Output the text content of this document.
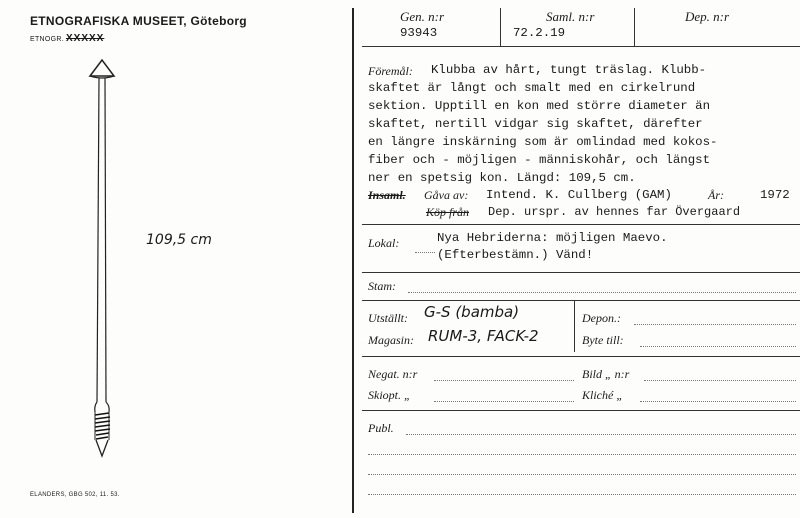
ETNOGRAFISKA MUSEET, Göteborg
ETNOGR. XXXXX
109,5 cm
ELANDERS, GBG 502, 11. 53.
Gen. n:r
93943
Saml. n:r
72.2.19
Dep. n:r
Föremål: Klubba av hårt, tungt träslag. Klubb-
skaftet är långt och smalt med en cirkelrund
sektion. Upptill en kon med större diameter än
skaftet, nertill vidgar sig skaftet, därefter
en längre inskärning som är omlindad med kokos-
fiber och - möjligen - människohår, och längst
ner en spetsig kon. Längd: 109,5 cm.
Insaml. Gåva av: Intend. K. Cullberg (GAM)	År:	1972
Köp från Dep. urspr. av hennes far Övergaard
Lokal:	Nya Hebriderna: möjligen Maevo.
(Efterbestämn.) Vänd!
Stam:
Utställt: G-S (bamba)	Depon.:
Magasin: RUM-3, FACK-2	Byte till:
Negat. n:r	Bild „ n:r
Skiopt. „	Kliché „
Publ.
